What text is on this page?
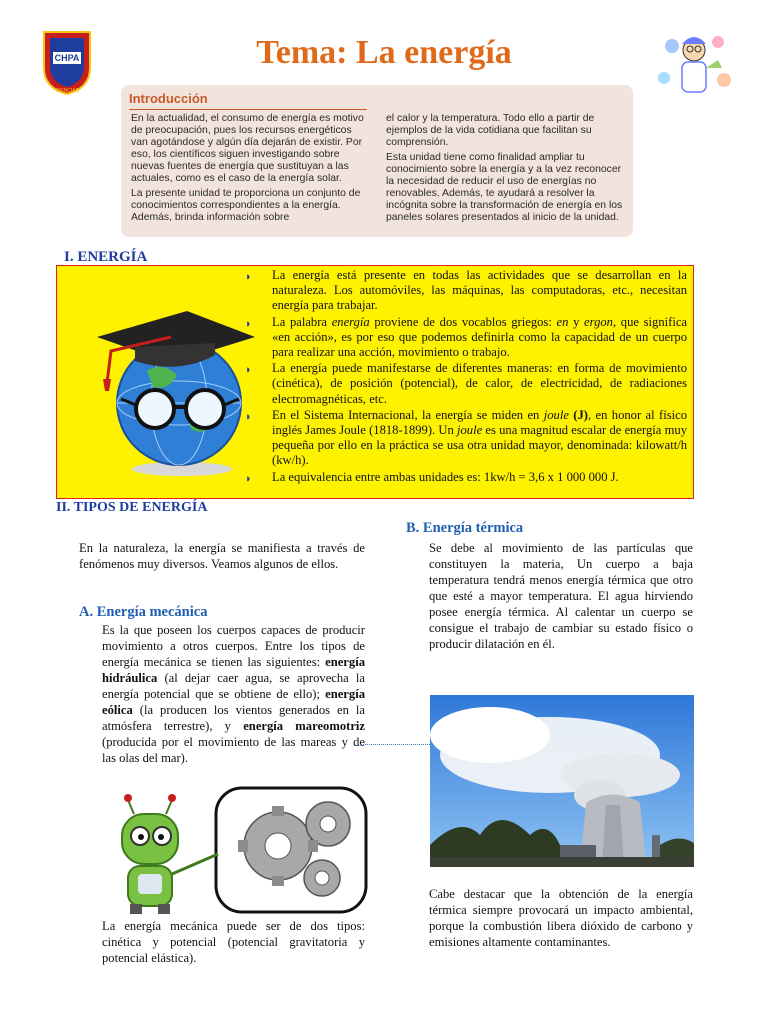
CHPA
CIENCIAS
Tema: La energía
Introducción

En la actualidad, el consumo de energía es motivo de preocupación, pues los recursos energéticos van agotándose y algún día dejarán de existir. Por eso, los científicos siguen investigando sobre nuevas fuentes de energía que sustituyan a las actuales, como es el caso de la energía solar.

La presente unidad te proporciona un conjunto de conocimientos correspondientes a la energía. Además, brinda información sobre

el calor y la temperatura. Todo ello a partir de ejemplos de la vida cotidiana que facilitan su comprensión.

Esta unidad tiene como finalidad ampliar tu conocimiento sobre la energía y a la vez reconocer la necesidad de reducir el uso de energías no renovables. Además, te ayudará a resolver la incógnita sobre la transformación de energía en los paneles solares presentados al inicio de la unidad.

I. ENERGÍA
◗ La energía está presente en todas las actividades que se desarrollan en la naturaleza. Los automóviles, las máquinas, las computadoras, etc., necesitan energía para trabajar.
◗ La palabra energía proviene de dos vocablos griegos: en y ergon, que significa «en acción», es por eso que podemos definirla como la capacidad de un cuerpo para realizar una acción, movimiento o trabajo.
◗ La energía puede manifestarse de diferentes maneras: en forma de movimiento (cinética), de posición (potencial), de calor, de electricidad, de radiaciones electromagnéticas, etc.
◗ En el Sistema Internacional, la energía se miden en joule (J), en honor al físico inglés James Joule (1818-1899). Un joule es una magnitud escalar de energía muy pequeña por ello en la práctica se usa otra unidad mayor, denominada: kilowatt/h (kw/h).
◗ La equivalencia entre ambas unidades es: 1kw/h = 3,6 x 1 000 000 J.
II. TIPOS DE ENERGÍA
En la naturaleza, la energía se manifiesta a través de fenómenos muy diversos. Veamos algunos de ellos.
A. Energía mecánica
Es la que poseen los cuerpos capaces de producir movimiento a otros cuerpos. Entre los tipos de energía mecánica se tienen las siguientes: energía hidráulica (al dejar caer agua, se aprovecha la energía potencial que se obtiene de ello); energía eólica (la producen los vientos generados en la atmósfera terrestre), y energía mareomotriz (producida por el movimiento de las mareas y de las olas del mar).
La energía mecánica puede ser de dos tipos: cinética y potencial (potencial gravitatoria y potencial elástica).
B. Energía térmica
Se debe al movimiento de las partículas que constituyen la materia, Un cuerpo a baja temperatura tendrá menos energía térmica que otro que esté a mayor temperatura. El agua hirviendo posee energía térmica. Al calentar un cuerpo se consigue el trabajo de cambiar su estado físico o producir dilatación en él.
Cabe destacar que la obtención de la energía térmica siempre provocará un impacto ambiental, porque la combustión libera dióxido de carbono y emisiones altamente contaminantes.
